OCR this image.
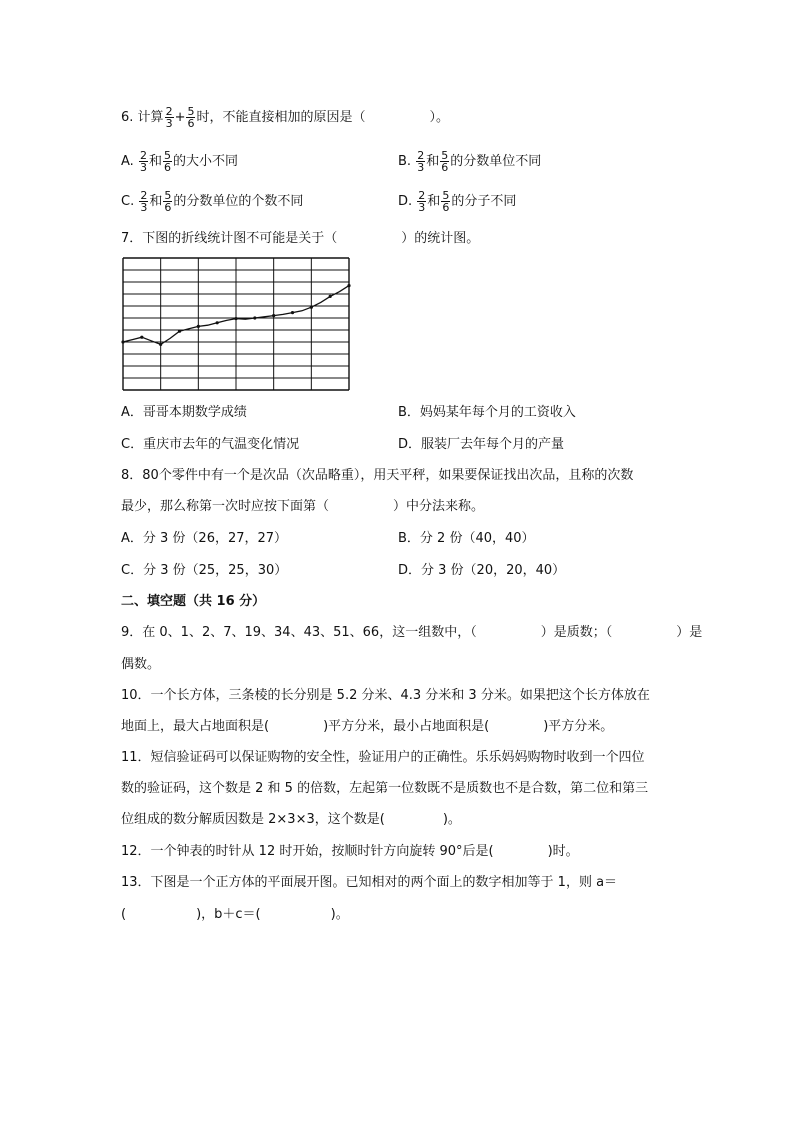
6. 计算 $\frac{2}{3} + \frac{5}{6}$ 时，不能直接相加的原因是（	）。
A. $\frac{2}{3}$ 和 $\frac{5}{6}$ 的大小不同	B. $\frac{2}{3}$ 和 $\frac{5}{6}$ 的分数单位不同
C. $\frac{2}{3}$ 和 $\frac{5}{6}$ 的分数单位的个数不同	D. $\frac{2}{3}$ 和 $\frac{5}{6}$ 的分子不同
7．下图的折线统计图不可能是关于（	）的统计图。
A．哥哥本期数学成绩	B．妈妈某年每个月的工资收入
C．重庆市去年的气温变化情况	D．服装厂去年每个月的产量
8．80个零件中有一个是次品（次品略重），用天平秤，如果要保证找出次品，且称的次数
最少，那么称第一次时应按下面第（	）中分法来称。
A．分 3 份（26，27，27）	B．分 2 份（40，40）
C．分 3 份（25，25，30）	D．分 3 份（20，20，40）
二、填空题（共 16 分）
9．在 0、1、2、7、19、34、43、51、66，这一组数中，（	）是质数；（	）是
偶数。
10．一个长方体，三条棱的长分别是 5.2 分米、4.3 分米和 3 分米。如果把这个长方体放在
地面上，最大占地面积是(	)平方分米，最小占地面积是(	)平方分米。
11．短信验证码可以保证购物的安全性，验证用户的正确性。乐乐妈妈购物时收到一个四位
数的验证码，这个数是 2 和 5 的倍数，左起第一位数既不是质数也不是合数，第二位和第三
位组成的数分解质因数是 2×3×3，这个数是(	)。
12．一个钟表的时针从 12 时开始，按顺时针方向旋转 90°后是(	)时。
13．下图是一个正方体的平面展开图。已知相对的两个面上的数字相加等于 1，则 a＝
(	)，b＋c＝(	)。
